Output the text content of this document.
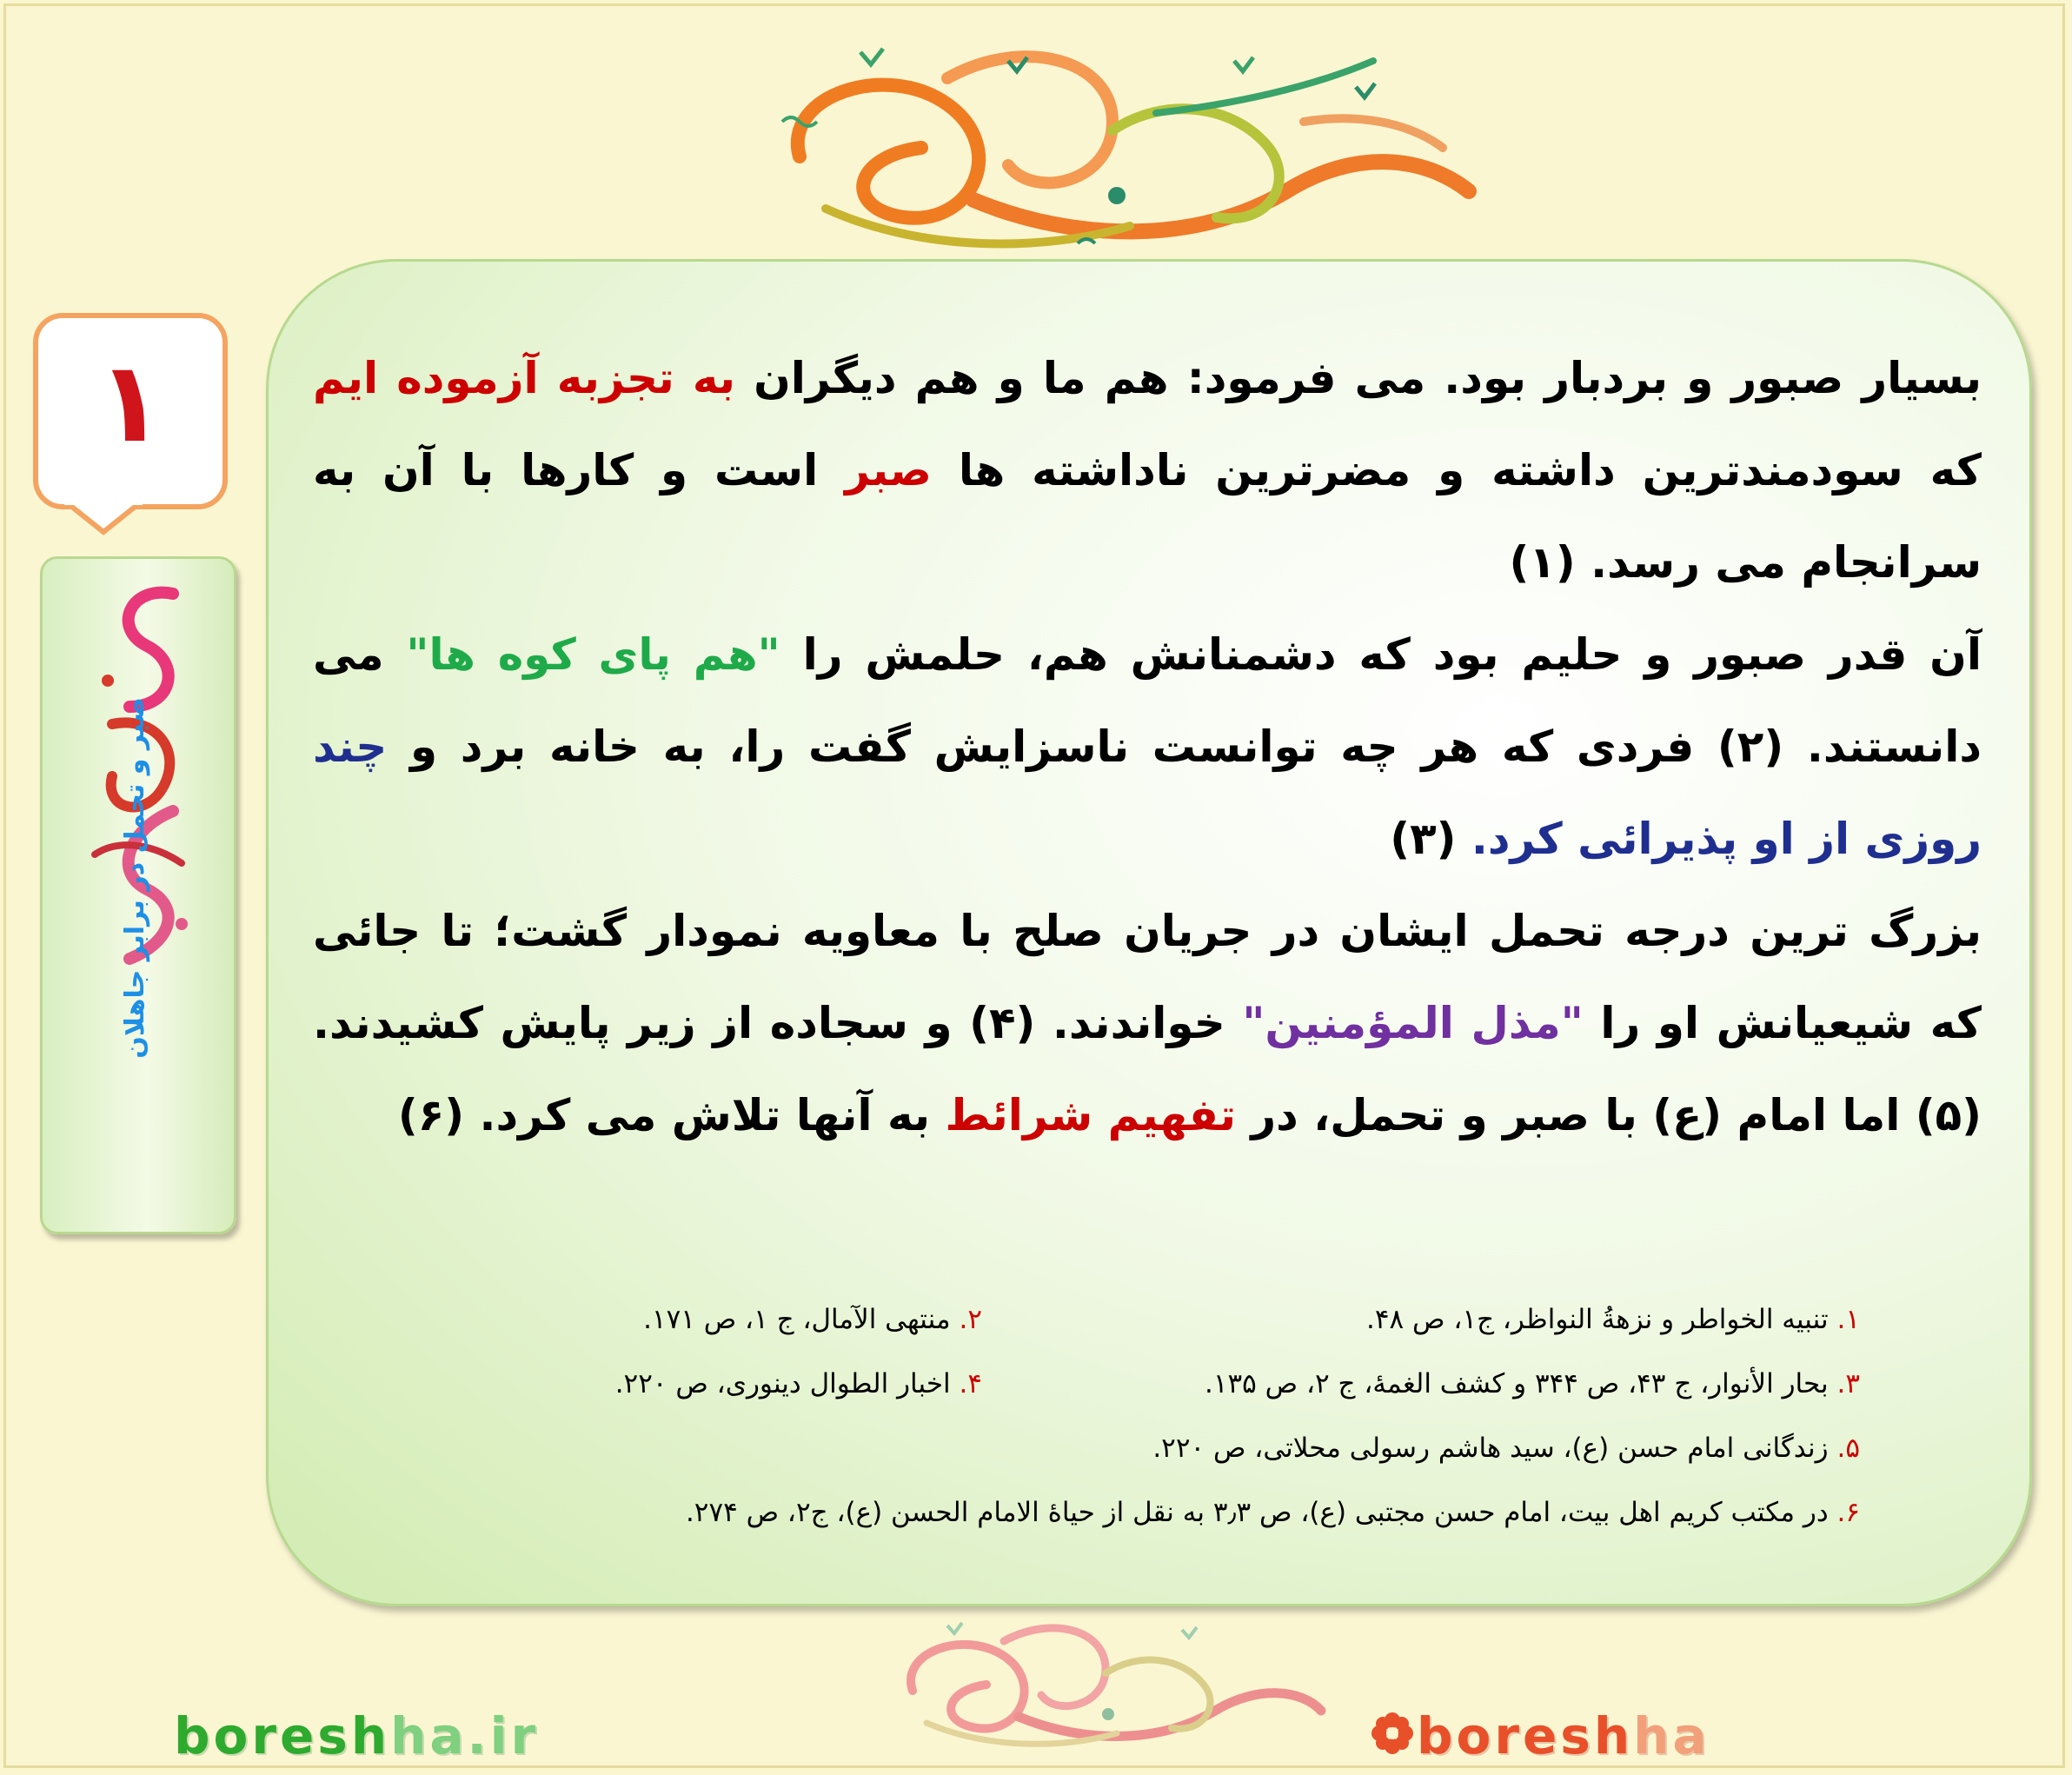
۱
صبر و تحمل در برابر جاهلان

بسیار صبور و بردبار بود. می فرمود: هم ما و هم دیگران به تجزبه آزموده ایم که سودمندترین داشته و مضرترین ناداشته ها صبر است و کارها با آن به سرانجام می رسد. (۱)

آن قدر صبور و حلیم بود که دشمنانش هم، حلمش را "هم پای کوه ها" می دانستند. (۲) فردی که هر چه توانست ناسزایش گفت را، به خانه برد و چند روزی از او پذیرائی کرد. (۳)

بزرگ ترین درجه تحمل ایشان در جریان صلح با معاویه نمودار گشت؛ تا جائی که شیعیانش او را "مذل المؤمنین" خواندند. (۴) و سجاده از زیر پایش کشیدند. (۵) اما امام (ع) با صبر و تحمل، در تفهیم شرائط به آنها تلاش می کرد. (۶)

۱. تنبیه الخواطر و نزهةُ النواظر، ج۱، ص ۴۸.
۲. منتهی الآمال، ج ۱، ص ۱۷۱.
۳. بحار الأنوار، ج ۴۳، ص ۳۴۴ و کشف الغمهٔ، ج ۲، ص ۱۳۵.
۴. اخبار الطوال دینوری، ص ۲۲۰.
۵. زندگانی امام حسن (ع)، سید هاشم رسولی محلاتی، ص ۲۲۰.
۶. در مکتب کریم اهل بیت، امام حسن مجتبی (ع)، ص ۳٫۳ به نقل از حیاهٔ الامام الحسن (ع)، ج۲، ص ۲۷۴.
boreshha.ir	boreshha
